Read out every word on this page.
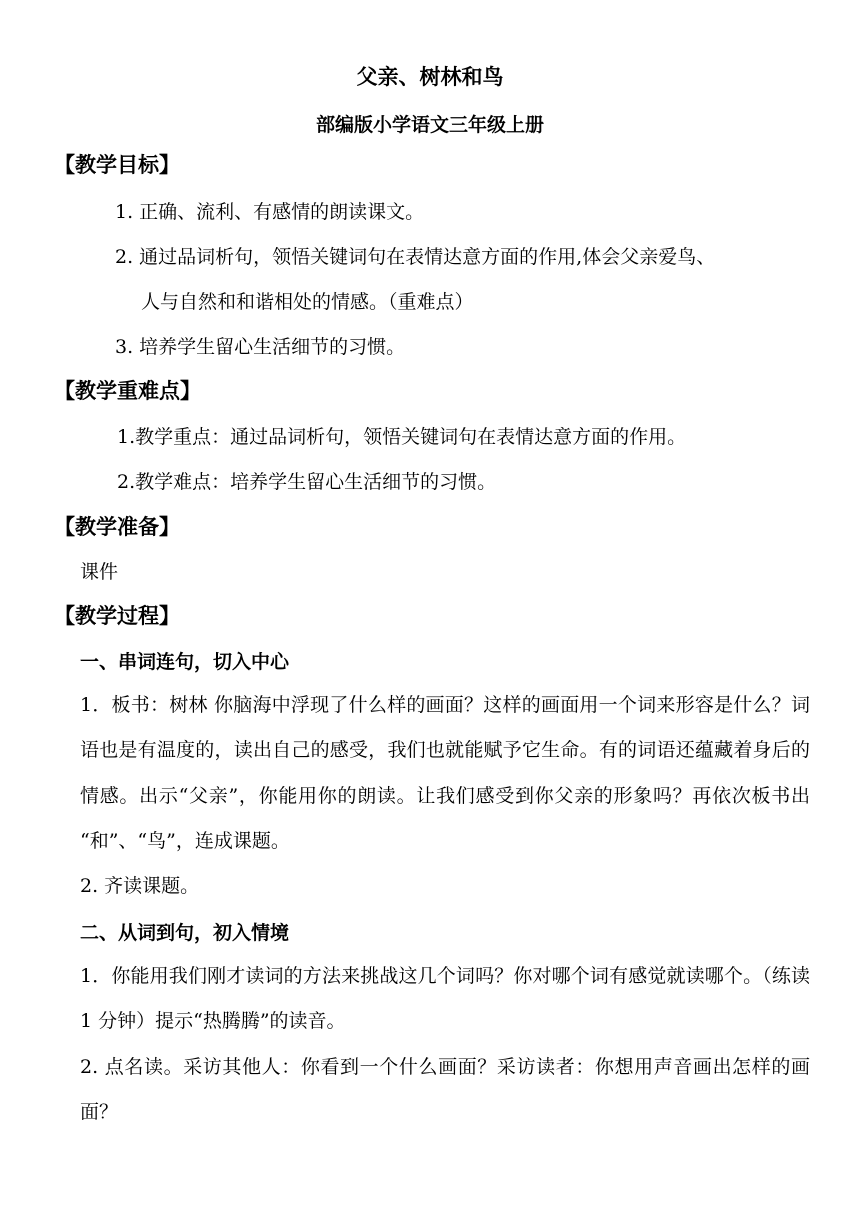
父亲、树林和鸟
部编版小学语文三年级上册
【教学目标】
1. 正确、流利、有感情的朗读课文。
2. 通过品词析句，领悟关键词句在表情达意方面的作用,体会父亲爱鸟、
人与自然和和谐相处的情感。（重难点）
3. 培养学生留心生活细节的习惯。
【教学重难点】
1.教学重点：通过品词析句，领悟关键词句在表情达意方面的作用。
2.教学难点：培养学生留心生活细节的习惯。
【教学准备】
课件
【教学过程】
一、串词连句，切入中心
1．板书：树林 你脑海中浮现了什么样的画面？这样的画面用一个词来形容是什么？词语也是有温度的，读出自己的感受，我们也就能赋予它生命。有的词语还蕴藏着身后的情感。出示“父亲”，你能用你的朗读。让我们感受到你父亲的形象吗？再依次板书出 “和”、“鸟”，连成课题。
2. 齐读课题。
二、从词到句，初入情境
1．你能用我们刚才读词的方法来挑战这几个词吗？你对哪个词有感觉就读哪个。（练读 1 分钟）提示“热腾腾”的读音。
2. 点名读。采访其他人：你看到一个什么画面？采访读者：你想用声音画出怎样的画面？
